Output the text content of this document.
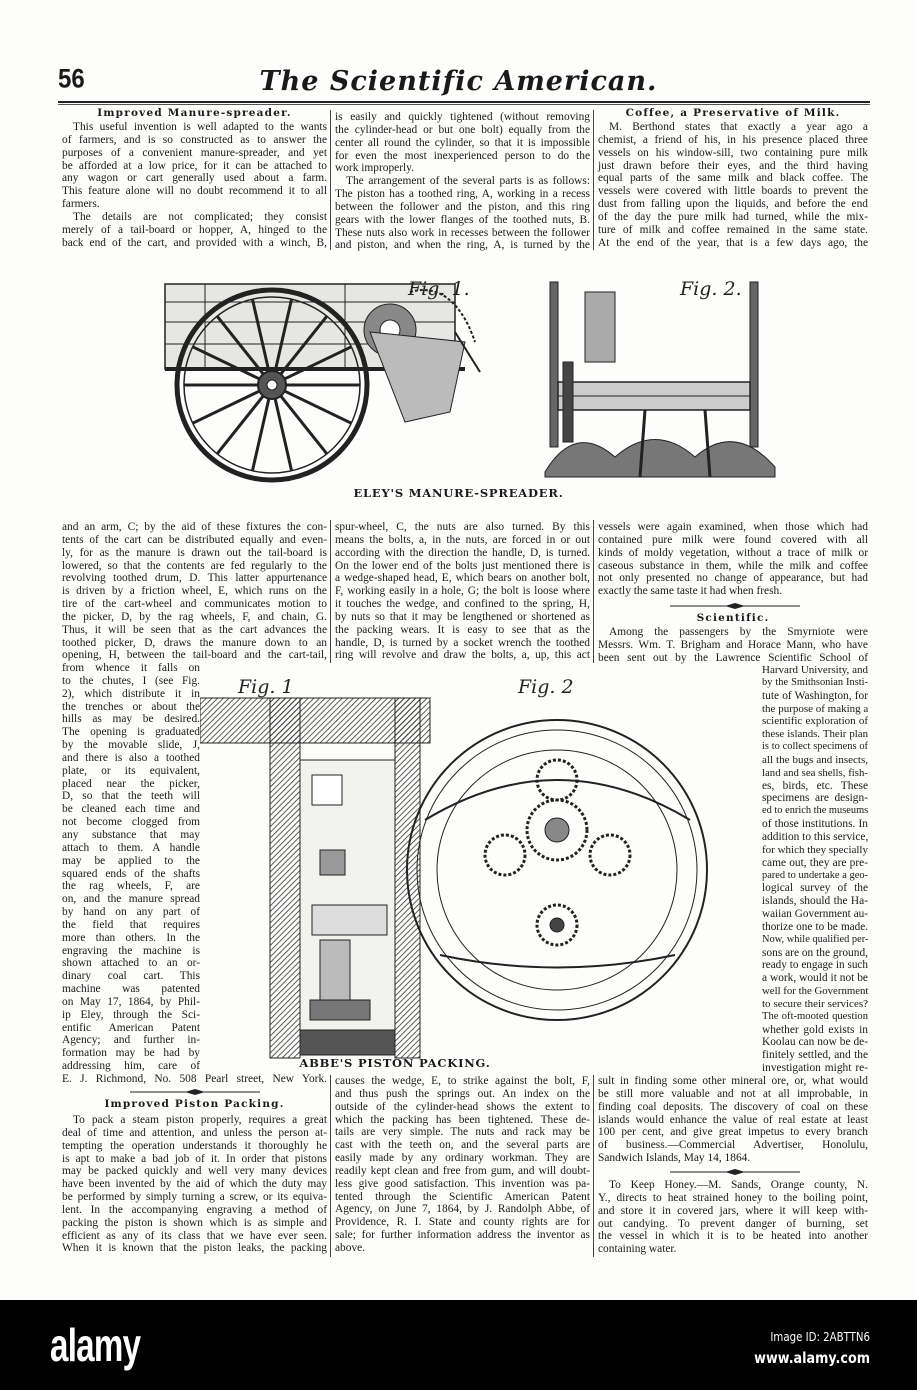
56	The Scientific American.
Improved Manure-spreader.
This useful invention is well adapted to the wants
of farmers, and is so constructed as to answer the
purposes of a convenient manure-spreader, and yet
be afforded at a low price, for it can be attached to
any wagon or cart generally used about a farm.
This feature alone will no doubt recommend it to all
farmers.
The details are not complicated; they consist
merely of a tail-board or hopper, A, hinged to the
back end of the cart, and provided with a winch, B,
is easily and quickly tightened (without removing
the cylinder-head or but one bolt) equally from the
center all round the cylinder, so that it is impossible
for even the most inexperienced person to do the
work improperly.
The arrangement of the several parts is as follows:
The piston has a toothed ring, A, working in a recess
between the follower and the piston, and this ring
gears with the lower flanges of the toothed nuts, B.
These nuts also work in recesses between the follower
and piston, and when the ring, A, is turned by the
Coffee, a Preservative of Milk.
M. Berthond states that exactly a year ago a
chemist, a friend of his, in his presence placed three
vessels on his window-sill, two containing pure milk
just drawn before their eyes, and the third having
equal parts of the same milk and black coffee. The
vessels were covered with little boards to prevent the
dust from falling upon the liquids, and before the end
of the day the pure milk had turned, while the mix-
ture of milk and coffee remained in the same state.
At the end of the year, that is a few days ago, the
Fig. 1.	Fig. 2.
ELEY'S MANURE-SPREADER.
and an arm, C; by the aid of these fixtures the con-
tents of the cart can be distributed equally and even-
ly, for as the manure is drawn out the tail-board is
lowered, so that the contents are fed regularly to the
revolving toothed drum, D. This latter appurtenance
is driven by a friction wheel, E, which runs on the
tire of the cart-wheel and communicates motion to
the picker, D, by the rag wheels, F, and chain, G.
Thus, it will be seen that as the cart advances the
toothed picker, D, draws the manure down to an
opening, H, between the tail-board and the cart-tail,
from whence it falls on
to the chutes, I (see Fig.
2), which distribute it in
the trenches or about the
hills as may be desired.
The opening is graduated
by the movable slide, J,
and there is also a toothed
plate, or its equivalent,
placed near the picker,
D, so that the teeth will
be cleaned each time and
not become clogged from
any substance that may
attach to them. A handle
may be applied to the
squared ends of the shafts
the rag wheels, F, are
on, and the manure spread
by hand on any part of
the field that requires
more than others. In the
engraving the machine is
shown attached to an or-
dinary coal cart. This
machine was patented
on May 17, 1864, by Phil-
ip Eley, through the Sci-
entific American Patent
Agency; and further in-
formation may be had by
addressing him, care of
E. J. Richmond, No. 508 Pearl street, New York.
spur-wheel, C, the nuts are also turned. By this
means the bolts, a, in the nuts, are forced in or out
according with the direction the handle, D, is turned.
On the lower end of the bolts just mentioned there is
a wedge-shaped head, E, which bears on another bolt,
F, working easily in a hole, G; the bolt is loose where
it touches the wedge, and confined to the spring, H,
by nuts so that it may be lengthened or shortened as
the packing wears. It is easy to see that as the
handle, D, is turned by a socket wrench the toothed
ring will revolve and draw the bolts, a, up, this act
vessels were again examined, when those which had
contained pure milk were found covered with all
kinds of moldy vegetation, without a trace of milk or
caseous substance in them, while the milk and coffee
not only presented no change of appearance, but had
exactly the same taste it had when fresh.
Scientific.
Among the passengers by the Smyrniote were
Messrs. Wm. T. Brigham and Horace Mann, who have
been sent out by the Lawrence Scientific School of
Harvard University, and
by the Smithsonian Insti-
tute of Washington, for
the purpose of making a
scientific exploration of
these islands. Their plan
is to collect specimens of
all the bugs and insects,
land and sea shells, fish-
es, birds, etc. These
specimens are design-
ed to enrich the museums
of those institutions. In
addition to this service,
for which they specially
came out, they are pre-
pared to undertake a geo-
logical survey of the
islands, should the Ha-
waiian Government au-
thorize one to be made.
Now, while qualified per-
sons are on the ground,
ready to engage in such
a work, would it not be
well for the Government
to secure their services?
The oft-mooted question
whether gold exists in
Koolau can now be de-
finitely settled, and the
investigation might re-
Fig. 1	Fig. 2
ABBE'S PISTON PACKING.
Improved Piston Packing.
To pack a steam piston properly, requires a great
deal of time and attention, and unless the person at-
tempting the operation understands it thoroughly he
is apt to make a bad job of it. In order that pistons
may be packed quickly and well very many devices
have been invented by the aid of which the duty may
be performed by simply turning a screw, or its equiva-
lent. In the accompanying engraving a method of
packing the piston is shown which is as simple and
efficient as any of its class that we have ever seen.
When it is known that the piston leaks, the packing
causes the wedge, E, to strike against the bolt, F,
and thus push the springs out. An index on the
outside of the cylinder-head shows the extent to
which the packing has been tightened. These de-
tails are very simple. The nuts and rack may be
cast with the teeth on, and the several parts are
easily made by any ordinary workman. They are
readily kept clean and free from gum, and will doubt-
less give good satisfaction. This invention was pa-
tented through the Scientific American Patent
Agency, on June 7, 1864, by J. Randolph Abbe, of
Providence, R. I. State and county rights are for
sale; for further information address the inventor as
above.
sult in finding some other mineral ore, or, what would
be still more valuable and not at all improbable, in
finding coal deposits. The discovery of coal on these
islands would enhance the value of real estate at least
100 per cent, and give great impetus to every branch
of business.—Commercial Advertiser, Honolulu,
Sandwich Islands, May 14, 1864.
To Keep Honey.—M. Sands, Orange county, N.
Y., directs to heat strained honey to the boiling point,
and store it in covered jars, where it will keep with-
out candying. To prevent danger of burning, set
the vessel in which it is to be heated into another
containing water.
alamy	Image ID: 2ABTTN6
www.alamy.com
